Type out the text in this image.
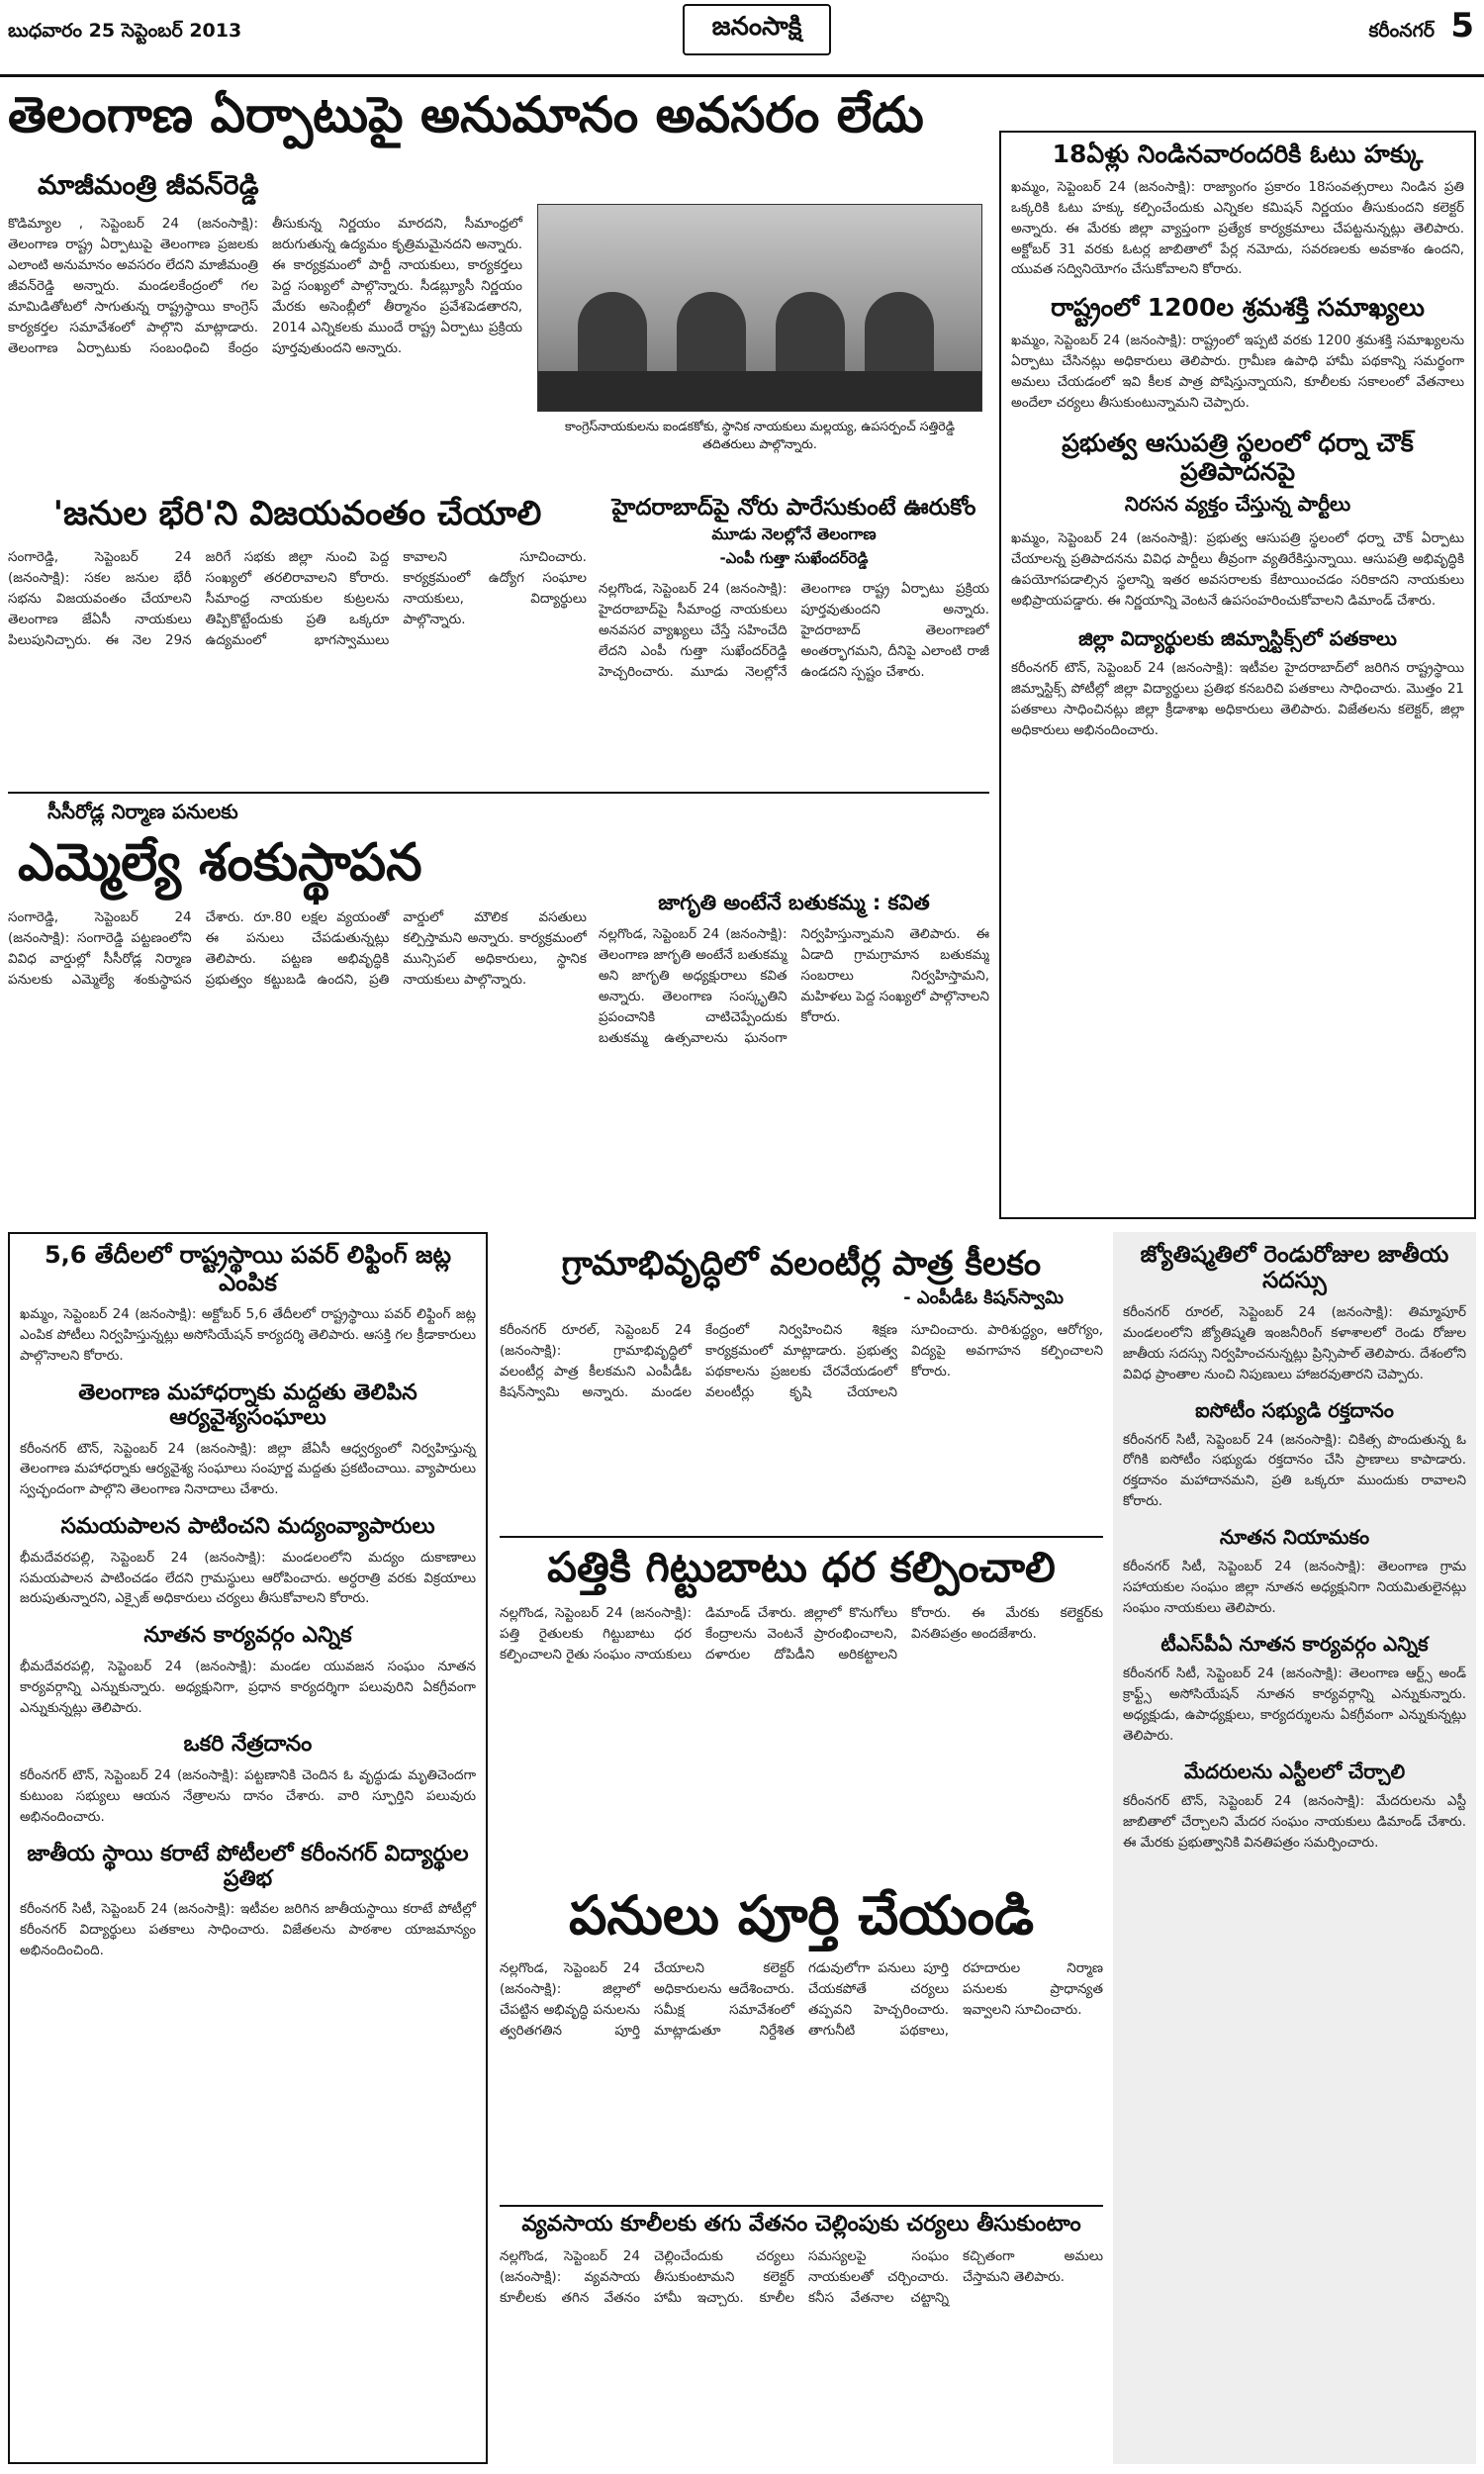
బుధవారం 25 సెప్టెంబర్ 2013	జనంసాక్షి	కరీంనగర్ 5
తెలంగాణ ఏర్పాటుపై అనుమానం అవసరం లేదు
మాజీమంత్రి జీవన్‌రెడ్డి
కొడిమ్యాల , సెప్టెంబర్ 24 (జనంసాక్షి): తెలంగాణ రాష్ట్ర ఏర్పాటుపై తెలంగాణ ప్రజలకు ఎలాంటి అనుమానం అవసరం లేదని మాజీమంత్రి జీవన్‌రెడ్డి అన్నారు. మండలకేంద్రంలో గల మామిడితోటలో సాగుతున్న రాష్ట్రస్థాయి కాంగ్రెస్ కార్యకర్తల సమావేశంలో పాల్గొని మాట్లాడారు. తెలంగాణ ఏర్పాటుకు సంబంధించి కేంద్రం తీసుకున్న నిర్ణయం మారదని, సీమాంధ్రలో జరుగుతున్న ఉద్యమం కృత్రిమమైనదని అన్నారు. ఈ కార్యక్రమంలో పార్టీ నాయకులు, కార్యకర్తలు పెద్ద సంఖ్యలో పాల్గొన్నారు. సీడబ్ల్యూసీ నిర్ణయం మేరకు అసెంబ్లీలో తీర్మానం ప్రవేశపెడతారని, 2014 ఎన్నికలకు ముందే రాష్ట్ర ఏర్పాటు ప్రక్రియ పూర్తవుతుందని అన్నారు.
కాంగ్రెస్‌నాయకులను ఐండకకోకు, స్థానిక నాయకులు మల్లయ్య, ఉపసర్పంచ్ సత్తిరెడ్డి తదితరులు పాల్గొన్నారు.
18ఏళ్లు నిండినవారందరికి ఓటు హక్కు
ఖమ్మం, సెప్టెంబర్ 24 (జనంసాక్షి): రాజ్యాంగం ప్రకారం 18సంవత్సరాలు నిండిన ప్రతి ఒక్కరికి ఓటు హక్కు కల్పించేందుకు ఎన్నికల కమిషన్ నిర్ణయం తీసుకుందని కలెక్టర్ అన్నారు. ఈ మేరకు జిల్లా వ్యాప్తంగా ప్రత్యేక కార్యక్రమాలు చేపట్టనున్నట్లు తెలిపారు. అక్టోబర్ 31 వరకు ఓటర్ల జాబితాలో పేర్ల నమోదు, సవరణలకు అవకాశం ఉందని, యువత సద్వినియోగం చేసుకోవాలని కోరారు.
రాష్ట్రంలో 1200ల శ్రమశక్తి సమాఖ్యలు
ఖమ్మం, సెప్టెంబర్ 24 (జనంసాక్షి): రాష్ట్రంలో ఇప్పటి వరకు 1200 శ్రమశక్తి సమాఖ్యలను ఏర్పాటు చేసినట్లు అధికారులు తెలిపారు. గ్రామీణ ఉపాధి హామీ పథకాన్ని సమర్థంగా అమలు చేయడంలో ఇవి కీలక పాత్ర పోషిస్తున్నాయని, కూలీలకు సకాలంలో వేతనాలు అందేలా చర్యలు తీసుకుంటున్నామని చెప్పారు.
ప్రభుత్వ ఆసుపత్రి స్థలంలో ధర్నా చౌక్ ప్రతిపాదనపై
నిరసన వ్యక్తం చేస్తున్న పార్టీలు
ఖమ్మం, సెప్టెంబర్ 24 (జనంసాక్షి): ప్రభుత్వ ఆసుపత్రి స్థలంలో ధర్నా చౌక్ ఏర్పాటు చేయాలన్న ప్రతిపాదనను వివిధ పార్టీలు తీవ్రంగా వ్యతిరేకిస్తున్నాయి. ఆసుపత్రి అభివృద్ధికి ఉపయోగపడాల్సిన స్థలాన్ని ఇతర అవసరాలకు కేటాయించడం సరికాదని నాయకులు అభిప్రాయపడ్డారు. ఈ నిర్ణయాన్ని వెంటనే ఉపసంహరించుకోవాలని డిమాండ్ చేశారు.
జిల్లా విద్యార్థులకు జిమ్నాస్టిక్స్‌లో పతకాలు
కరీంనగర్ టౌన్, సెప్టెంబర్ 24 (జనంసాక్షి): ఇటీవల హైదరాబాద్‌లో జరిగిన రాష్ట్రస్థాయి జిమ్నాస్టిక్స్ పోటీల్లో జిల్లా విద్యార్థులు ప్రతిభ కనబరిచి పతకాలు సాధించారు. మొత్తం 21 పతకాలు సాధించినట్లు జిల్లా క్రీడాశాఖ అధికారులు తెలిపారు. విజేతలను కలెక్టర్, జిల్లా అధికారులు అభినందించారు.
'జనుల భేరి'ని విజయవంతం చేయాలి
సంగారెడ్డి, సెప్టెంబర్ 24 (జనంసాక్షి): సకల జనుల భేరీ సభను విజయవంతం చేయాలని తెలంగాణ జేఏసీ నాయకులు పిలుపునిచ్చారు. ఈ నెల 29న జరిగే సభకు జిల్లా నుంచి పెద్ద సంఖ్యలో తరలిరావాలని కోరారు. సీమాంధ్ర నాయకుల కుట్రలను తిప్పికొట్టేందుకు ప్రతి ఒక్కరూ ఉద్యమంలో భాగస్వాములు కావాలని సూచించారు. కార్యక్రమంలో ఉద్యోగ సంఘాల నాయకులు, విద్యార్థులు పాల్గొన్నారు.
హైదరాబాద్‌పై నోరు పారేసుకుంటే ఊరుకోం
మూడు నెలల్లోనే తెలంగాణ
-ఎంపీ గుత్తా సుఖేందర్‌రెడ్డి
నల్లగొండ, సెప్టెంబర్ 24 (జనంసాక్షి): హైదరాబాద్‌పై సీమాంధ్ర నాయకులు అనవసర వ్యాఖ్యలు చేస్తే సహించేది లేదని ఎంపీ గుత్తా సుఖేందర్‌రెడ్డి హెచ్చరించారు. మూడు నెలల్లోనే తెలంగాణ రాష్ట్ర ఏర్పాటు ప్రక్రియ పూర్తవుతుందని అన్నారు. హైదరాబాద్ తెలంగాణలో అంతర్భాగమని, దీనిపై ఎలాంటి రాజీ ఉండదని స్పష్టం చేశారు.
సీసీరోడ్ల నిర్మాణ పనులకు
ఎమ్మెల్యే శంకుస్థాపన
సంగారెడ్డి, సెప్టెంబర్ 24 (జనంసాక్షి): సంగారెడ్డి పట్టణంలోని వివిధ వార్డుల్లో సీసీరోడ్ల నిర్మాణ పనులకు ఎమ్మెల్యే శంకుస్థాపన చేశారు. రూ.80 లక్షల వ్యయంతో ఈ పనులు చేపడుతున్నట్లు తెలిపారు. పట్టణ అభివృద్ధికి ప్రభుత్వం కట్టుబడి ఉందని, ప్రతి వార్డులో మౌలిక వసతులు కల్పిస్తామని అన్నారు. కార్యక్రమంలో మున్సిపల్ అధికారులు, స్థానిక నాయకులు పాల్గొన్నారు.
జాగృతి అంటేనే బతుకమ్మ : కవిత
నల్లగొండ, సెప్టెంబర్ 24 (జనంసాక్షి): తెలంగాణ జాగృతి అంటేనే బతుకమ్మ అని జాగృతి అధ్యక్షురాలు కవిత అన్నారు. తెలంగాణ సంస్కృతిని ప్రపంచానికి చాటిచెప్పేందుకు బతుకమ్మ ఉత్సవాలను ఘనంగా నిర్వహిస్తున్నామని తెలిపారు. ఈ ఏడాది గ్రామగ్రామాన బతుకమ్మ సంబరాలు నిర్వహిస్తామని, మహిళలు పెద్ద సంఖ్యలో పాల్గొనాలని కోరారు.
5,6 తేదీలలో రాష్ట్రస్థాయి పవర్ లిఫ్టింగ్ జట్ల ఎంపిక
ఖమ్మం, సెప్టెంబర్ 24 (జనంసాక్షి): అక్టోబర్ 5,6 తేదీలలో రాష్ట్రస్థాయి పవర్ లిఫ్టింగ్ జట్ల ఎంపిక పోటీలు నిర్వహిస్తున్నట్లు అసోసియేషన్ కార్యదర్శి తెలిపారు. ఆసక్తి గల క్రీడాకారులు పాల్గొనాలని కోరారు.
తెలంగాణ మహాధర్నాకు మద్దతు తెలిపిన ఆర్యవైశ్యసంఘాలు
కరీంనగర్ టౌన్, సెప్టెంబర్ 24 (జనంసాక్షి): జిల్లా జేఏసీ ఆధ్వర్యంలో నిర్వహిస్తున్న తెలంగాణ మహాధర్నాకు ఆర్యవైశ్య సంఘాలు సంపూర్ణ మద్దతు ప్రకటించాయి. వ్యాపారులు స్వచ్ఛందంగా పాల్గొని తెలంగాణ నినాదాలు చేశారు.
సమయపాలన పాటించని మద్యంవ్యాపారులు
భీమదేవరపల్లి, సెప్టెంబర్ 24 (జనంసాక్షి): మండలంలోని మద్యం దుకాణాలు సమయపాలన పాటించడం లేదని గ్రామస్థులు ఆరోపించారు. అర్ధరాత్రి వరకు విక్రయాలు జరుపుతున్నారని, ఎక్సైజ్ అధికారులు చర్యలు తీసుకోవాలని కోరారు.
నూతన కార్యవర్గం ఎన్నిక
భీమదేవరపల్లి, సెప్టెంబర్ 24 (జనంసాక్షి): మండల యువజన సంఘం నూతన కార్యవర్గాన్ని ఎన్నుకున్నారు. అధ్యక్షునిగా, ప్రధాన కార్యదర్శిగా పలువురిని ఏకగ్రీవంగా ఎన్నుకున్నట్లు తెలిపారు.
ఒకరి నేత్రదానం
కరీంనగర్ టౌన్, సెప్టెంబర్ 24 (జనంసాక్షి): పట్టణానికి చెందిన ఓ వృద్ధుడు మృతిచెందగా కుటుంబ సభ్యులు ఆయన నేత్రాలను దానం చేశారు. వారి స్ఫూర్తిని పలువురు అభినందించారు.
జాతీయ స్థాయి కరాటే పోటీలలో కరీంనగర్ విద్యార్థుల ప్రతిభ
కరీంనగర్ సిటీ, సెప్టెంబర్ 24 (జనంసాక్షి): ఇటీవల జరిగిన జాతీయస్థాయి కరాటే పోటీల్లో కరీంనగర్ విద్యార్థులు పతకాలు సాధించారు. విజేతలను పాఠశాల యాజమాన్యం అభినందించింది.
గ్రామాభివృద్ధిలో వలంటీర్ల పాత్ర కీలకం
- ఎంపీడీఓ కిషన్‌స్వామి
కరీంనగర్ రూరల్, సెప్టెంబర్ 24 (జనంసాక్షి): గ్రామాభివృద్ధిలో వలంటీర్ల పాత్ర కీలకమని ఎంపీడీఓ కిషన్‌స్వామి అన్నారు. మండల కేంద్రంలో నిర్వహించిన శిక్షణ కార్యక్రమంలో మాట్లాడారు. ప్రభుత్వ పథకాలను ప్రజలకు చేరవేయడంలో వలంటీర్లు కృషి చేయాలని సూచించారు. పారిశుద్ధ్యం, ఆరోగ్యం, విద్యపై అవగాహన కల్పించాలని కోరారు.
పత్తికి గిట్టుబాటు ధర కల్పించాలి
నల్లగొండ, సెప్టెంబర్ 24 (జనంసాక్షి): పత్తి రైతులకు గిట్టుబాటు ధర కల్పించాలని రైతు సంఘం నాయకులు డిమాండ్ చేశారు. జిల్లాలో కొనుగోలు కేంద్రాలను వెంటనే ప్రారంభించాలని, దళారుల దోపిడీని అరికట్టాలని కోరారు. ఈ మేరకు కలెక్టర్‌కు వినతిపత్రం అందజేశారు.
పనులు పూర్తి చేయండి
నల్లగొండ, సెప్టెంబర్ 24 (జనంసాక్షి): జిల్లాలో చేపట్టిన అభివృద్ధి పనులను త్వరితగతిన పూర్తి చేయాలని కలెక్టర్ అధికారులను ఆదేశించారు. సమీక్ష సమావేశంలో మాట్లాడుతూ నిర్దేశిత గడువులోగా పనులు పూర్తి చేయకపోతే చర్యలు తప్పవని హెచ్చరించారు. తాగునీటి పథకాలు, రహదారుల నిర్మాణ పనులకు ప్రాధాన్యత ఇవ్వాలని సూచించారు.
వ్యవసాయ కూలీలకు తగు వేతనం చెల్లింపుకు చర్యలు తీసుకుంటాం
నల్లగొండ, సెప్టెంబర్ 24 (జనంసాక్షి): వ్యవసాయ కూలీలకు తగిన వేతనం చెల్లించేందుకు చర్యలు తీసుకుంటామని కలెక్టర్ హామీ ఇచ్చారు. కూలీల సమస్యలపై సంఘం నాయకులతో చర్చించారు. కనీస వేతనాల చట్టాన్ని కచ్చితంగా అమలు చేస్తామని తెలిపారు.
జ్యోతిష్మతిలో రెండురోజుల జాతీయ సదస్సు
కరీంనగర్ రూరల్, సెప్టెంబర్ 24 (జనంసాక్షి): తిమ్మాపూర్ మండలంలోని జ్యోతిష్మతి ఇంజనీరింగ్ కళాశాలలో రెండు రోజుల జాతీయ సదస్సు నిర్వహించనున్నట్లు ప్రిన్సిపాల్ తెలిపారు. దేశంలోని వివిధ ప్రాంతాల నుంచి నిపుణులు హాజరవుతారని చెప్పారు.
ఐసోటీం సభ్యుడి రక్తదానం
కరీంనగర్ సిటీ, సెప్టెంబర్ 24 (జనంసాక్షి): చికిత్స పొందుతున్న ఓ రోగికి ఐసోటీం సభ్యుడు రక్తదానం చేసి ప్రాణాలు కాపాడారు. రక్తదానం మహాదానమని, ప్రతి ఒక్కరూ ముందుకు రావాలని కోరారు.
నూతన నియామకం
కరీంనగర్ సిటీ, సెప్టెంబర్ 24 (జనంసాక్షి): తెలంగాణ గ్రామ సహాయకుల సంఘం జిల్లా నూతన అధ్యక్షునిగా నియమితులైనట్లు సంఘం నాయకులు తెలిపారు.
టీఎస్‌పీఏ నూతన కార్యవర్గం ఎన్నిక
కరీంనగర్ సిటీ, సెప్టెంబర్ 24 (జనంసాక్షి): తెలంగాణ ఆర్ట్స్ అండ్ క్రాఫ్ట్స్ అసోసియేషన్ నూతన కార్యవర్గాన్ని ఎన్నుకున్నారు. అధ్యక్షుడు, ఉపాధ్యక్షులు, కార్యదర్శులను ఏకగ్రీవంగా ఎన్నుకున్నట్లు తెలిపారు.
మేదరులను ఎస్టీలలో చేర్చాలి
కరీంనగర్ టౌన్, సెప్టెంబర్ 24 (జనంసాక్షి): మేదరులను ఎస్టీ జాబితాలో చేర్చాలని మేదర సంఘం నాయకులు డిమాండ్ చేశారు. ఈ మేరకు ప్రభుత్వానికి వినతిపత్రం సమర్పించారు.
